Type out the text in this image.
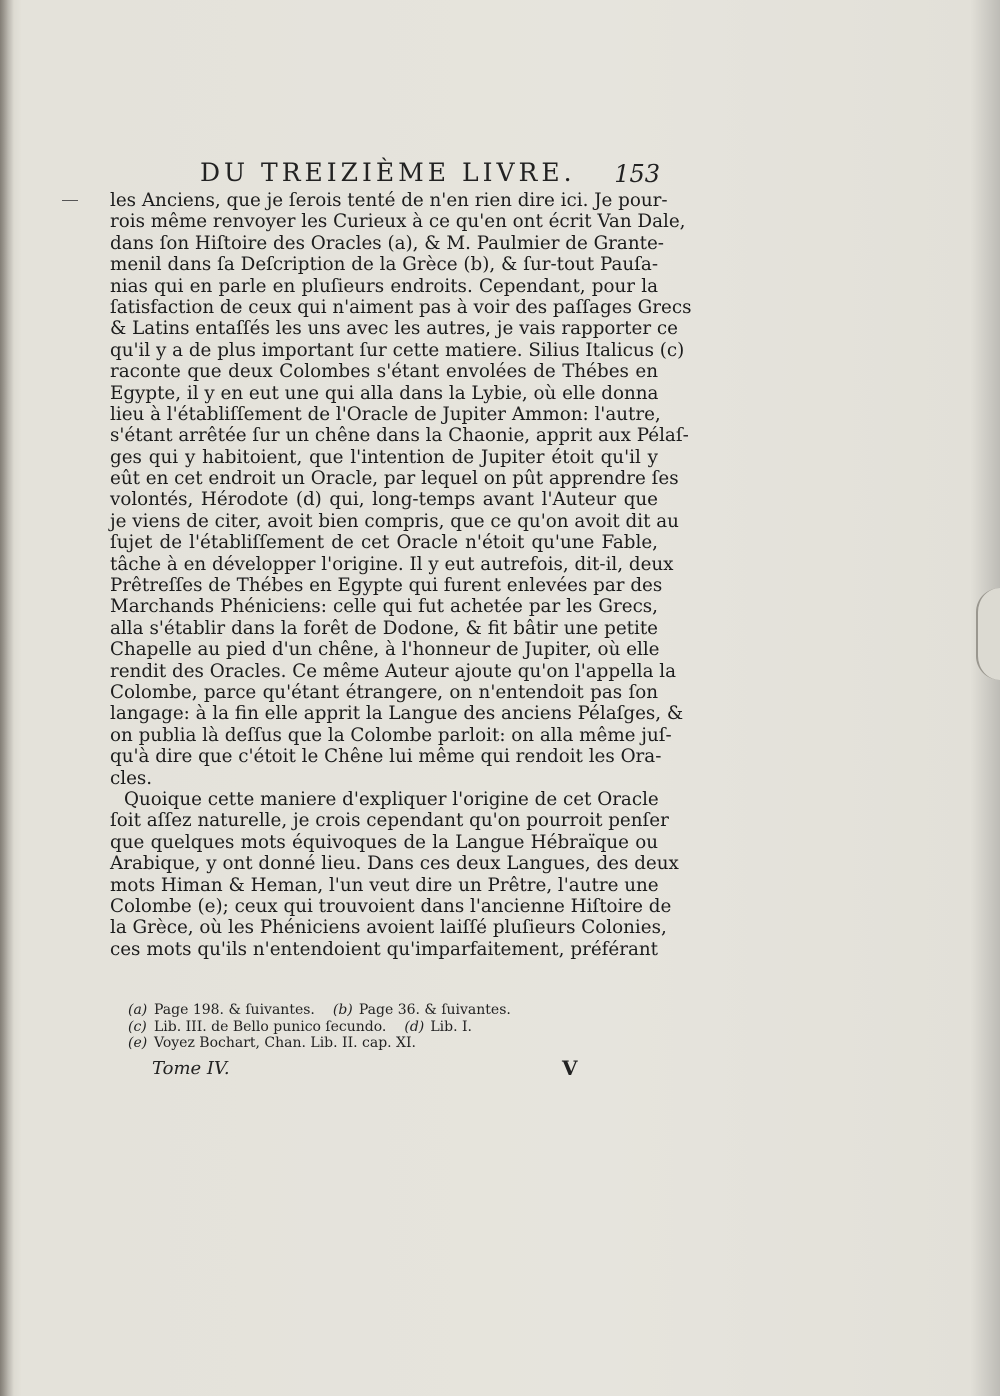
DU TREIZIÈME LIVRE. 153
les Anciens, que je ſerois tenté de n'en rien dire ici. Je pour-
rois même renvoyer les Curieux à ce qu'en ont écrit Van Dale,
dans ſon Hiſtoire des Oracles (a), & M. Paulmier de Grante-
menil dans ſa Deſcription de la Grèce (b), & ſur-tout Pauſa-
nias qui en parle en pluſieurs endroits. Cependant, pour la
ſatisfaction de ceux qui n'aiment pas à voir des paſſages Grecs
& Latins entaſſés les uns avec les autres, je vais rapporter ce
qu'il y a de plus important ſur cette matiere. Silius Italicus (c)
raconte que deux Colombes s'étant envolées de Thébes en
Egypte, il y en eut une qui alla dans la Lybie, où elle donna
lieu à l'établiſſement de l'Oracle de Jupiter Ammon: l'autre,
s'étant arrêtée ſur un chêne dans la Chaonie, apprit aux Pélaſ-
ges qui y habitoient, que l'intention de Jupiter étoit qu'il y
eût en cet endroit un Oracle, par lequel on pût apprendre ſes
volontés, Hérodote (d) qui, long-temps avant l'Auteur que
je viens de citer, avoit bien compris, que ce qu'on avoit dit au
ſujet de l'établiſſement de cet Oracle n'étoit qu'une Fable,
tâche à en développer l'origine. Il y eut autrefois, dit-il, deux
Prêtreſſes de Thébes en Egypte qui furent enlevées par des
Marchands Phéniciens: celle qui fut achetée par les Grecs,
alla s'établir dans la forêt de Dodone, & fit bâtir une petite
Chapelle au pied d'un chêne, à l'honneur de Jupiter, où elle
rendit des Oracles. Ce même Auteur ajoute qu'on l'appella la
Colombe, parce qu'étant étrangere, on n'entendoit pas ſon
langage: à la fin elle apprit la Langue des anciens Pélaſges, &
on publia là deſſus que la Colombe parloit: on alla même juſ-
qu'à dire que c'étoit le Chêne lui même qui rendoit les Ora-
cles.
Quoique cette maniere d'expliquer l'origine de cet Oracle
ſoit aſſez naturelle, je crois cependant qu'on pourroit penſer
que quelques mots équivoques de la Langue Hébraïque ou
Arabique, y ont donné lieu. Dans ces deux Langues, des deux
mots Himan & Heman, l'un veut dire un Prêtre, l'autre une
Colombe (e); ceux qui trouvoient dans l'ancienne Hiſtoire de
la Grèce, où les Phéniciens avoient laiſſé pluſieurs Colonies,
ces mots qu'ils n'entendoient qu'imparfaitement, préférant
(a) Page 198. & ſuivantes. (b) Page 36. & ſuivantes.
(c) Lib. III. de Bello punico ſecundo. (d) Lib. I.
(e) Voyez Bochart, Chan. Lib. II. cap. XI.
Tome IV.	V
